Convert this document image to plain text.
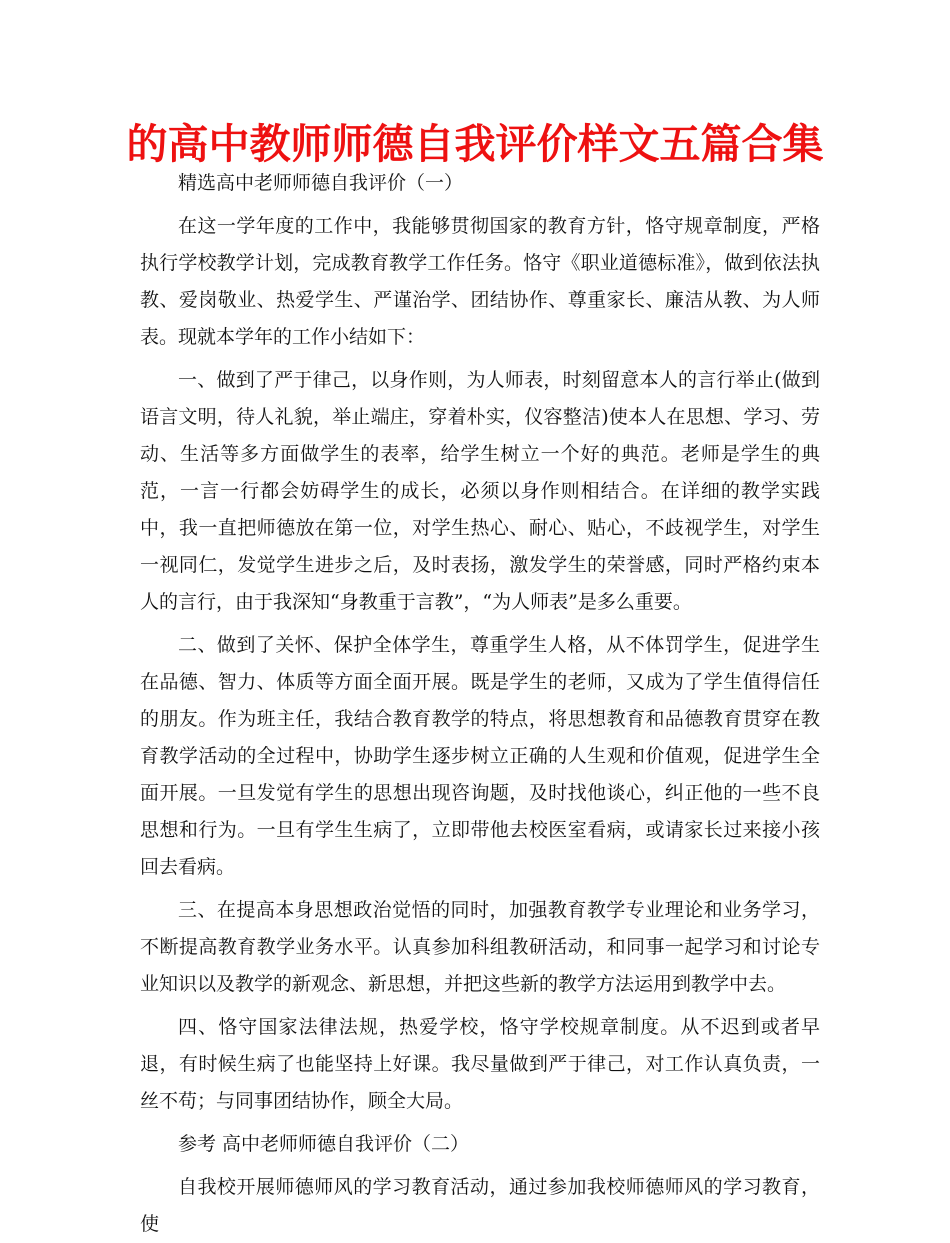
的高中教师师德自我评价样文五篇合集

精选高中老师师德自我评价（一）

在这一学年度的工作中，我能够贯彻国家的教育方针，恪守规章制度，严格执行学校教学计划，完成教育教学工作任务。恪守《职业道德标准》，做到依法执教、爱岗敬业、热爱学生、严谨治学、团结协作、尊重家长、廉洁从教、为人师表。现就本学年的工作小结如下：

一、做到了严于律己，以身作则，为人师表，时刻留意本人的言行举止(做到语言文明，待人礼貌，举止端庄，穿着朴实，仪容整洁)使本人在思想、学习、劳动、生活等多方面做学生的表率，给学生树立一个好的典范。老师是学生的典范，一言一行都会妨碍学生的成长，必须以身作则相结合。在详细的教学实践中，我一直把师德放在第一位，对学生热心、耐心、贴心，不歧视学生，对学生一视同仁，发觉学生进步之后，及时表扬，激发学生的荣誉感，同时严格约束本人的言行，由于我深知“身教重于言教”，“为人师表”是多么重要。

二、做到了关怀、保护全体学生，尊重学生人格，从不体罚学生，促进学生在品德、智力、体质等方面全面开展。既是学生的老师，又成为了学生值得信任的朋友。作为班主任，我结合教育教学的特点，将思想教育和品德教育贯穿在教育教学活动的全过程中，协助学生逐步树立正确的人生观和价值观，促进学生全面开展。一旦发觉有学生的思想出现咨询题，及时找他谈心，纠正他的一些不良思想和行为。一旦有学生生病了，立即带他去校医室看病，或请家长过来接小孩回去看病。

三、在提高本身思想政治觉悟的同时，加强教育教学专业理论和业务学习，不断提高教育教学业务水平。认真参加科组教研活动，和同事一起学习和讨论专业知识以及教学的新观念、新思想，并把这些新的教学方法运用到教学中去。

四、恪守国家法律法规，热爱学校，恪守学校规章制度。从不迟到或者早退，有时候生病了也能坚持上好课。我尽量做到严于律己，对工作认真负责，一丝不苟；与同事团结协作，顾全大局。

参考 高中老师师德自我评价（二）

自我校开展师德师风的学习教育活动，通过参加我校师德师风的学习教育，使
